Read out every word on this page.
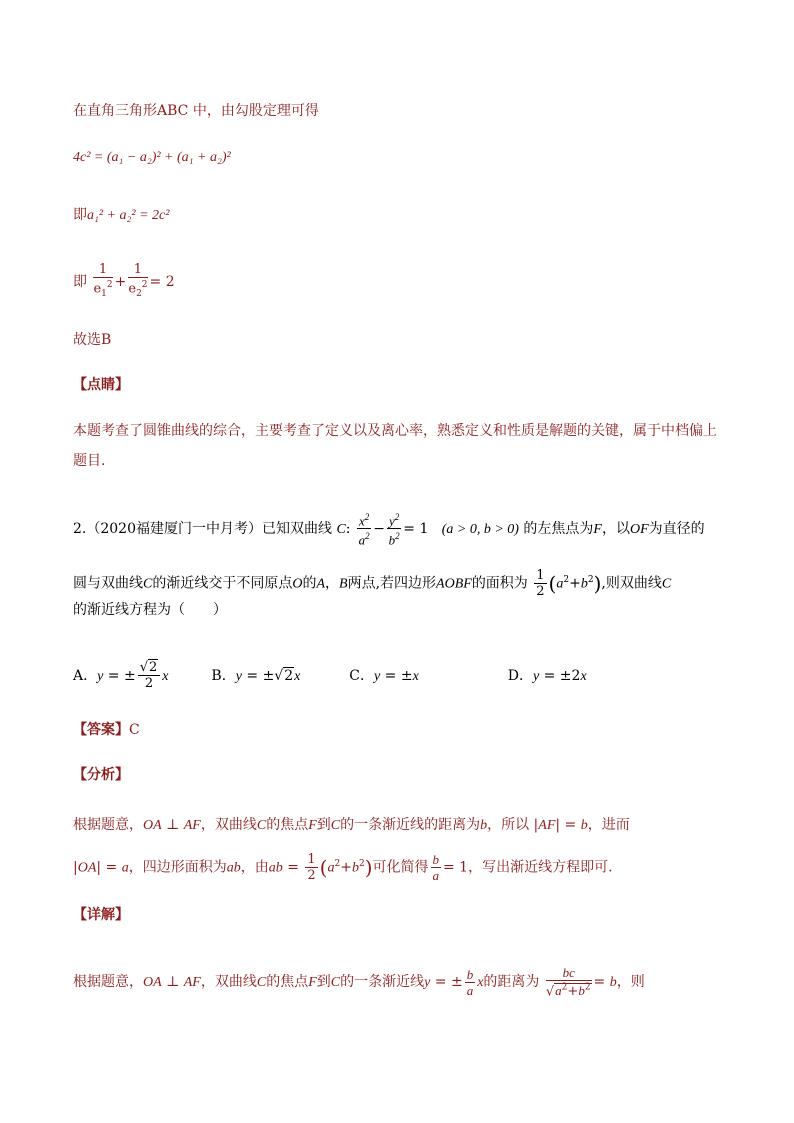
在直角三角形ABC 中，由勾股定理可得
4c² = (a₁ − a₂)² + (a₁ + a₂)²
即a₁² + a₂² = 2c²
即 $\frac{1}{e_1^2} + \frac{1}{e_2^2} = 2$
故选B
【点睛】
本题考查了圆锥曲线的综合，主要考查了定义以及离心率，熟悉定义和性质是解题的关键，属于中档偏上
题目.
2.（2020福建厦门一中月考）已知双曲线 C: $\frac{x^2}{a^2} - \frac{y^2}{b^2} = 1$   (a > 0, b > 0) 的左焦点为F，以OF为直径的
圆与双曲线C的渐近线交于不同原点O的A，B两点,若四边形AOBF的面积为 $\frac{1}{2} (a^2+b^2)$,则双曲线C
的渐近线方程为（　　）
A．y = ± $\frac{√2}{2}$ x	B．y = ±√2x	C．y = ±x	D．y = ±2x
【答案】C
【分析】
根据题意，OA ⊥ AF，双曲线C的焦点F到C的一条渐近线的距离为b，所以 |AF| = b，进而
|OA| = a，四边形面积为ab，由ab = $\frac{1}{2} (a^2+b^2)$可化简得 $\frac{b}{a} = 1$，写出渐近线方程即可.
【详解】
根据题意，OA ⊥ AF，双曲线C的焦点F到C的一条渐近线y = ± $\frac{b}{a}$ x的距离为 $\frac{bc}{√a^2+b^2} = b$，则
